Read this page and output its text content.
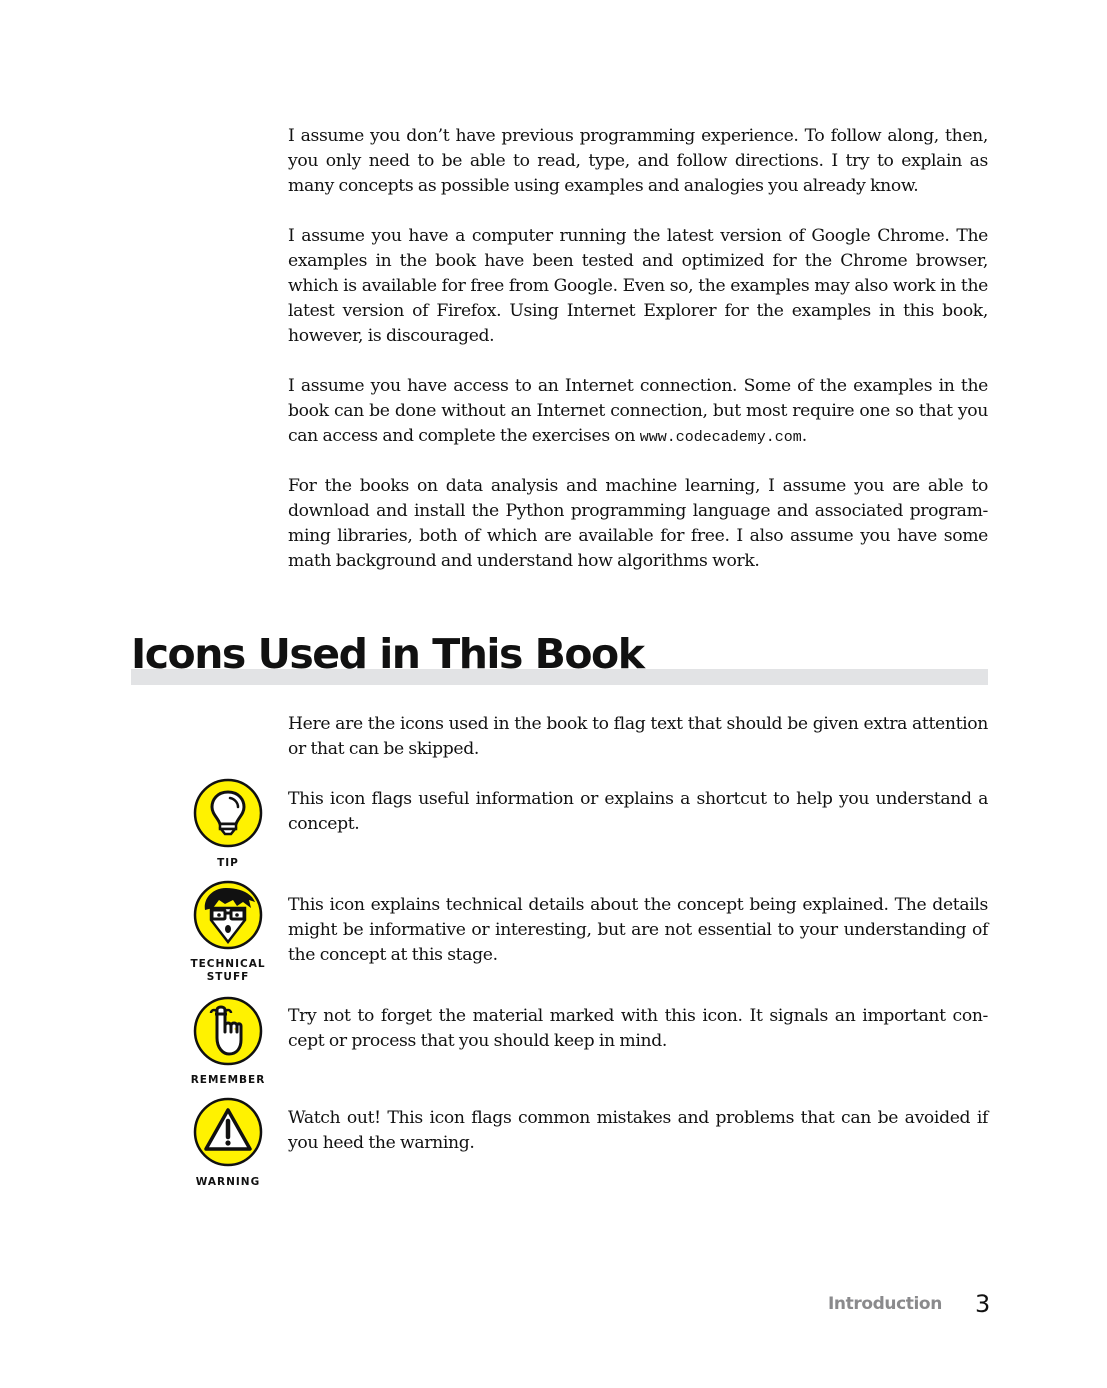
I assume you don’t have previous programming experience. To follow along, then, you only need to be able to read, type, and follow directions. I try to explain as many concepts as possible using examples and analogies you already know.

I assume you have a computer running the latest version of Google Chrome. The examples in the book have been tested and optimized for the Chrome browser, which is available for free from Google. Even so, the examples may also work in the latest version of Firefox. Using Internet Explorer for the examples in this book, however, is discouraged.

I assume you have access to an Internet connection. Some of the examples in the book can be done without an Internet connection, but most require one so that you can access and complete the exercises on www.codecademy.com.

For the books on data analysis and machine learning, I assume you are able to download and install the Python programming language and associated program-ming libraries, both of which are available for free. I also assume you have some math background and understand how algorithms work.

Icons Used in This Book

Here are the icons used in the book to flag text that should be given extra attention or that can be skipped.

TIP

This icon flags useful information or explains a shortcut to help you understand a concept.

TECHNICAL STUFF

This icon explains technical details about the concept being explained. The details might be informative or interesting, but are not essential to your understanding of the concept at this stage.

REMEMBER

Try not to forget the material marked with this icon. It signals an important con-cept or process that you should keep in mind.

WARNING

Watch out! This icon flags common mistakes and problems that can be avoided if you heed the warning.

Introduction 3
